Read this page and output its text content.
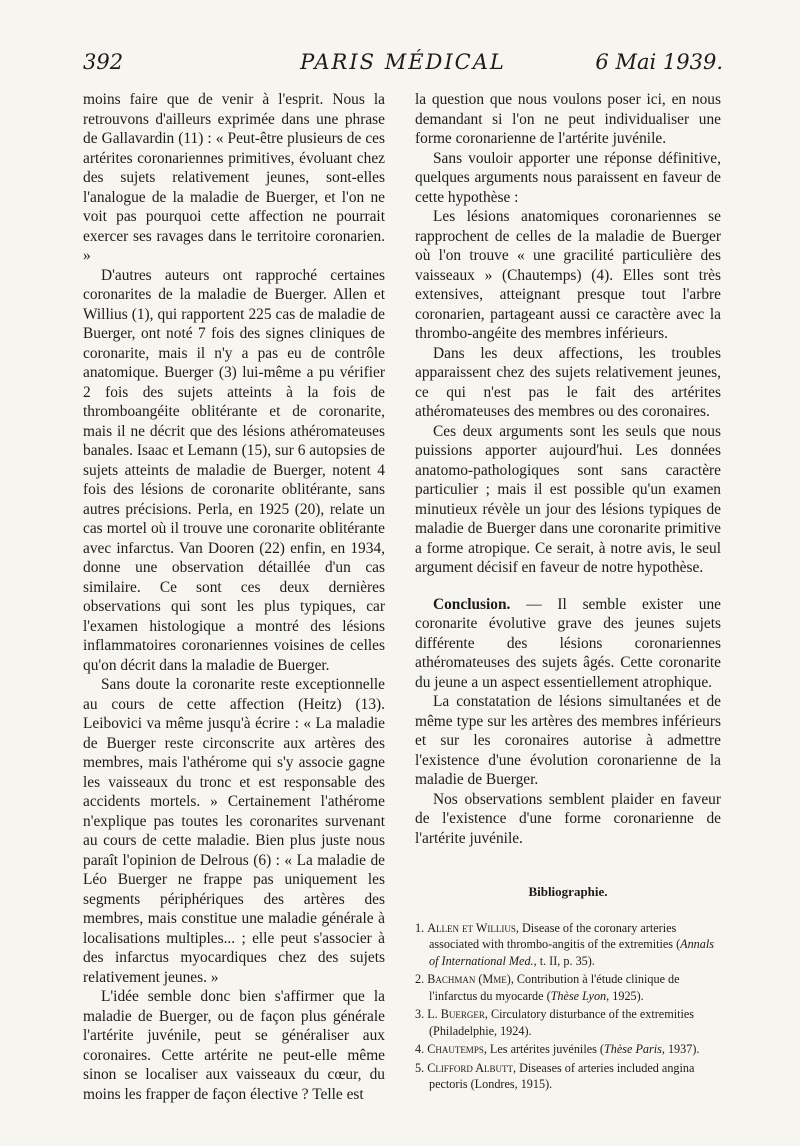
392	PARIS MÉDICAL	6 Mai 1939.

moins faire que de venir à l'esprit. Nous la retrouvons d'ailleurs exprimée dans une phrase de Gallavardin (11) : « Peut-être plusieurs de ces artérites coronariennes primitives, évoluant chez des sujets relativement jeunes, sont-elles l'analogue de la maladie de Buerger, et l'on ne voit pas pourquoi cette affection ne pourrait exercer ses ravages dans le territoire coronarien. »

D'autres auteurs ont rapproché certaines coronarites de la maladie de Buerger. Allen et Willius (1), qui rapportent 225 cas de maladie de Buerger, ont noté 7 fois des signes cliniques de coronarite, mais il n'y a pas eu de contrôle anatomique. Buerger (3) lui-même a pu vérifier 2 fois des sujets atteints à la fois de thromboangéite oblitérante et de coronarite, mais il ne décrit que des lésions athéromateuses banales. Isaac et Lemann (15), sur 6 autopsies de sujets atteints de maladie de Buerger, notent 4 fois des lésions de coronarite oblitérante, sans autres précisions. Perla, en 1925 (20), relate un cas mortel où il trouve une coronarite oblitérante avec infarctus. Van Dooren (22) enfin, en 1934, donne une observation détaillée d'un cas similaire. Ce sont ces deux dernières observations qui sont les plus typiques, car l'examen histologique a montré des lésions inflammatoires coronariennes voisines de celles qu'on décrit dans la maladie de Buerger.

Sans doute la coronarite reste exceptionnelle au cours de cette affection (Heitz) (13). Leibovici va même jusqu'à écrire : « La maladie de Buerger reste circonscrite aux artères des membres, mais l'athérome qui s'y associe gagne les vaisseaux du tronc et est responsable des accidents mortels. » Certainement l'athérome n'explique pas toutes les coronarites survenant au cours de cette maladie. Bien plus juste nous paraît l'opinion de Delrous (6) : « La maladie de Léo Buerger ne frappe pas uniquement les segments périphériques des artères des membres, mais constitue une maladie générale à localisations multiples... ; elle peut s'associer à des infarctus myocardiques chez des sujets relativement jeunes. »

L'idée semble donc bien s'affirmer que la maladie de Buerger, ou de façon plus générale l'artérite juvénile, peut se généraliser aux coronaires. Cette artérite ne peut-elle même sinon se localiser aux vaisseaux du cœur, du moins les frapper de façon élective ? Telle est

la question que nous voulons poser ici, en nous demandant si l'on ne peut individualiser une forme coronarienne de l'artérite juvénile.

Sans vouloir apporter une réponse définitive, quelques arguments nous paraissent en faveur de cette hypothèse :

Les lésions anatomiques coronariennes se rapprochent de celles de la maladie de Buerger où l'on trouve « une gracilité particulière des vaisseaux » (Chautemps) (4). Elles sont très extensives, atteignant presque tout l'arbre coronarien, partageant aussi ce caractère avec la thrombo-angéite des membres inférieurs.

Dans les deux affections, les troubles apparaissent chez des sujets relativement jeunes, ce qui n'est pas le fait des artérites athéromateuses des membres ou des coronaires.

Ces deux arguments sont les seuls que nous puissions apporter aujourd'hui. Les données anatomo-pathologiques sont sans caractère particulier ; mais il est possible qu'un examen minutieux révèle un jour des lésions typiques de maladie de Buerger dans une coronarite primitive a forme atropique. Ce serait, à notre avis, le seul argument décisif en faveur de notre hypothèse.

Conclusion. — Il semble exister une coronarite évolutive grave des jeunes sujets différente des lésions coronariennes athéromateuses des sujets âgés. Cette coronarite du jeune a un aspect essentiellement atrophique.

La constatation de lésions simultanées et de même type sur les artères des membres inférieurs et sur les coronaires autorise à admettre l'existence d'une évolution coronarienne de la maladie de Buerger.

Nos observations semblent plaider en faveur de l'existence d'une forme coronarienne de l'artérite juvénile.

Bibliographie.
1. Allen et Willius, Disease of the coronary arteries associated with thrombo-angitis of the extremities (Annals of International Med., t. II, p. 35).
2. Bachman (Mme), Contribution à l'étude clinique de l'infarctus du myocarde (Thèse Lyon, 1925).
3. L. Buerger, Circulatory disturbance of the extremities (Philadelphie, 1924).
4. Chautemps, Les artérites juvéniles (Thèse Paris, 1937).
5. Clifford Albutt, Diseases of arteries included angina pectoris (Londres, 1915).
